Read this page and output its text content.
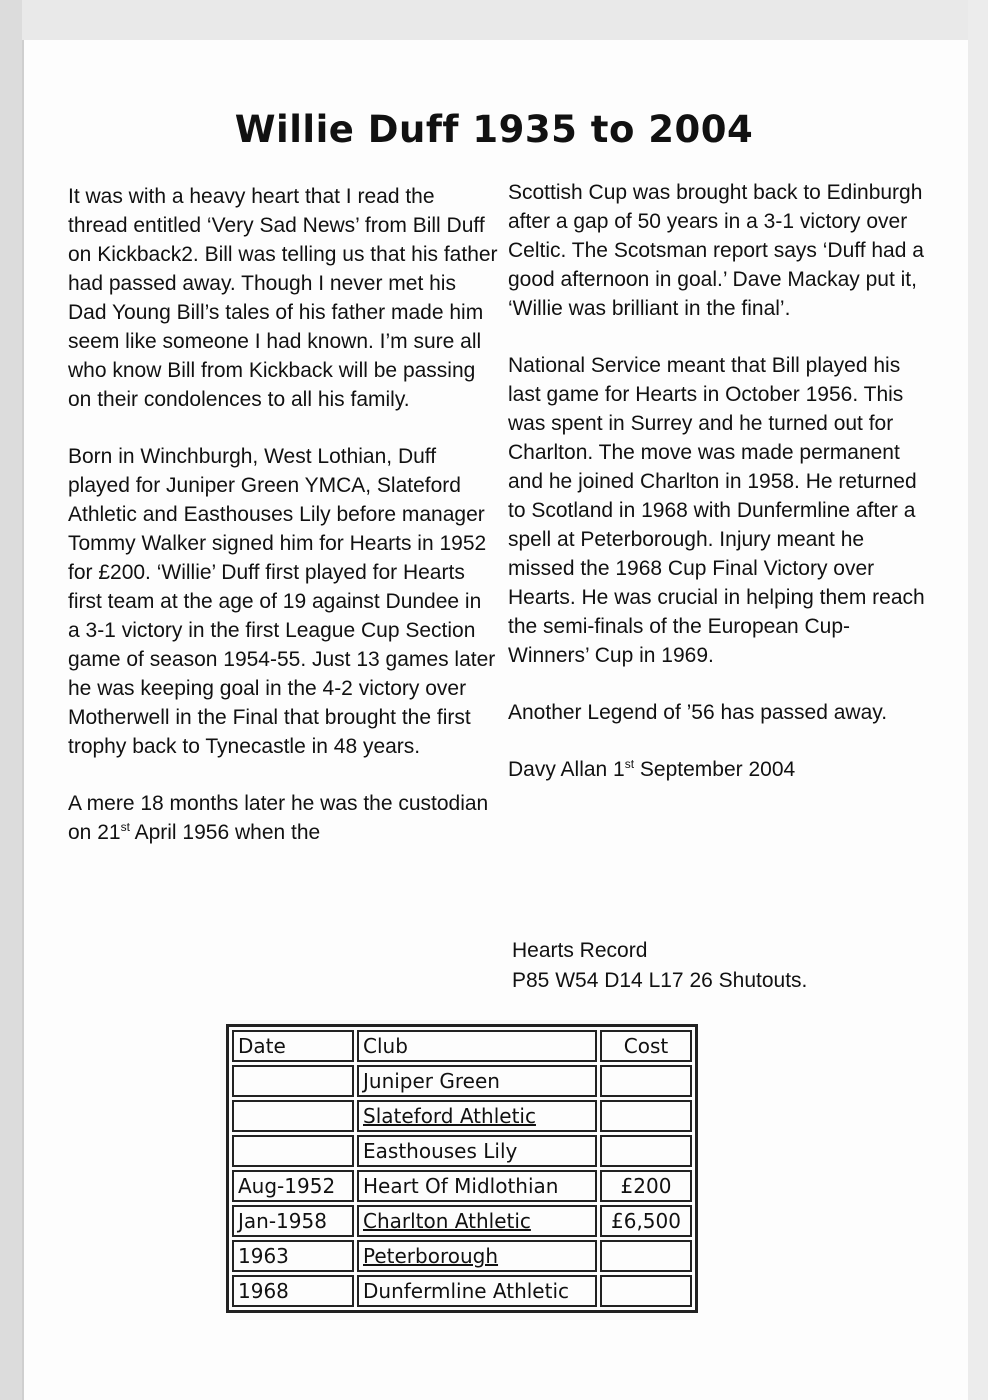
Willie Duff 1935 to 2004

It was with a heavy heart that I read the thread entitled ‘Very Sad News’ from Bill Duff on Kickback2. Bill was telling us that his father had passed away. Though I never met his Dad Young Bill’s tales of his father made him seem like someone I had known. I’m sure all who know Bill from Kickback will be passing on their condolences to all his family.

Born in Winchburgh, West Lothian, Duff played for Juniper Green YMCA, Slateford Athletic and Easthouses Lily before manager Tommy Walker signed him for Hearts in 1952 for £200. ‘Willie’ Duff first played for Hearts first team at the age of 19 against Dundee in a 3-1 victory in the first League Cup Section game of season 1954-55. Just 13 games later he was keeping goal in the 4-2 victory over Motherwell in the Final that brought the first trophy back to Tynecastle in 48 years.

A mere 18 months later he was the custodian on 21st April 1956 when the

Scottish Cup was brought back to Edinburgh after a gap of 50 years in a 3-1 victory over Celtic. The Scotsman report says ‘Duff had a good afternoon in goal.’ Dave Mackay put it, ‘Willie was brilliant in the final’.

National Service meant that Bill played his last game for Hearts in October 1956. This was spent in Surrey and he turned out for Charlton. The move was made permanent and he joined Charlton in 1958. He returned to Scotland in 1968 with Dunfermline after a spell at Peterborough. Injury meant he missed the 1968 Cup Final Victory over Hearts. He was crucial in helping them reach the semi-finals of the European Cup-Winners’ Cup in 1969.

Another Legend of ’56 has passed away.

Davy Allan 1st September 2004

Hearts Record
P85 W54 D14 L17 26 Shutouts.
Date	Club	Cost
	Juniper Green	
	Slateford Athletic	
	Easthouses Lily	
Aug-1952	Heart Of Midlothian	£200
Jan-1958	Charlton Athletic	£6,500
1963	Peterborough	
1968	Dunfermline Athletic	
